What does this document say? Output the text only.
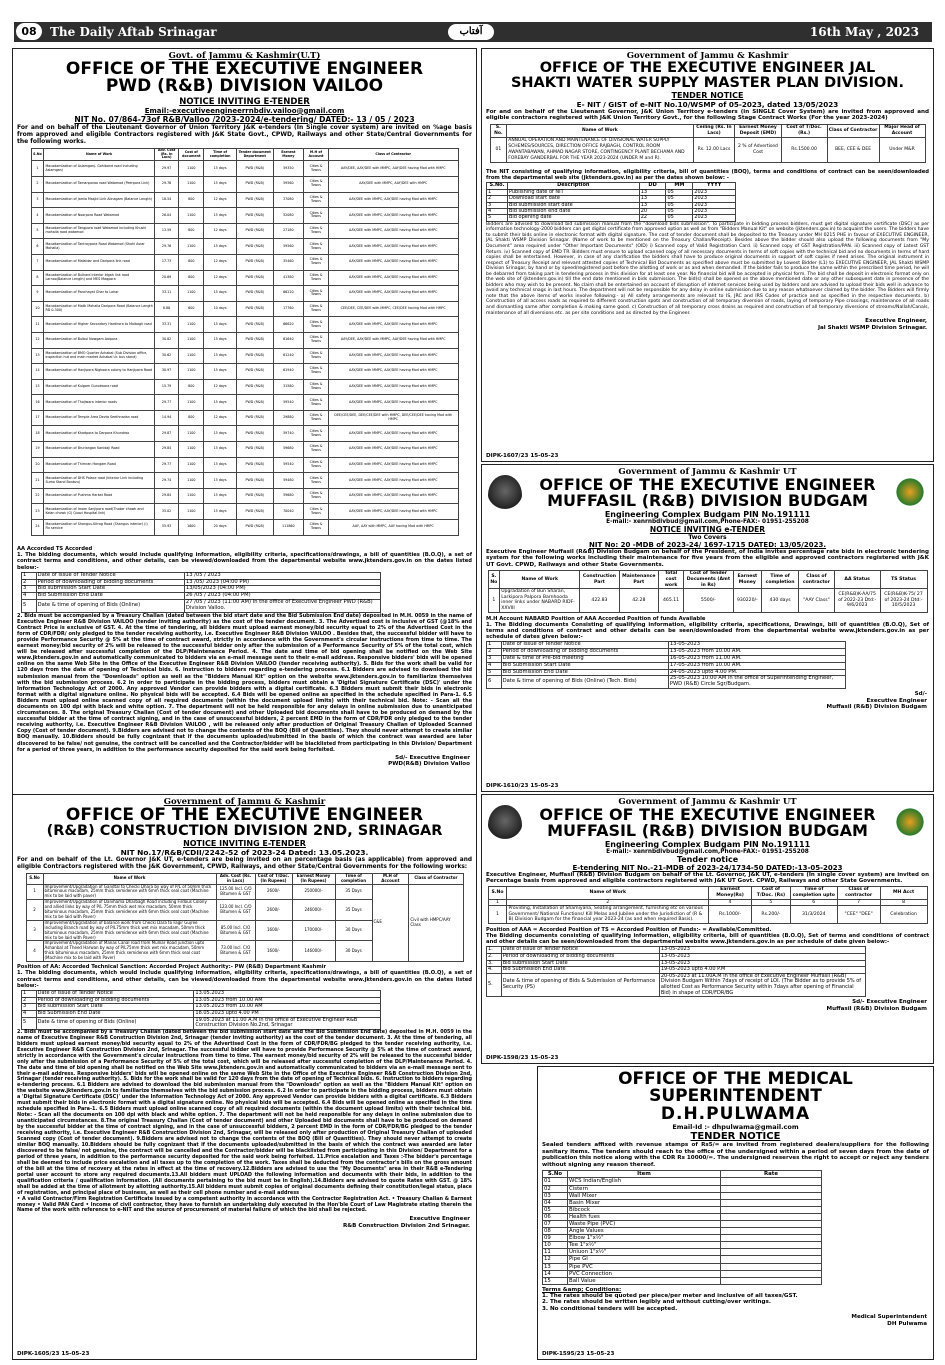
08	The Daily Aftab Srinagar	آفتاب	16th May , 2023
Govt. of Jammu & Kashmir(U.T)
OFFICE OF THE EXECUTIVE ENGINEER
PWD (R&B) DIVISION VAILOO
NOTICE INVITING E-TENDER
Email:-executiveengineerrnbdiv.vailoo@gmail.com
NIT No. 07/864-73of R&B/Valloo /2023-2024/e-tendering/ DATED:- 13 / 05 / 2023
For and on behalf of the Lieutenant Governor of Union Territory J&K e-tenders (In Single cover system) are invited on %age basis from approved and eligible Contractors registered with J&K State Govt., CPWD, Railways and other State/Central Governments for the following works.
S.No	Name of Work	Adv. Cost (Rs. in Lacs)	Cost of document	Time of completion	Tender document Department	Earnest Money	M.H of Account	Class of Contractor
1	Macadamization of Aslamganj- Gohiband road including Aslamganj	29.97	1100	15 days	PWD (R&B)	59350	Cities & Towns	AAY/DEE, AAY/DEE with MMPC, AAY/DEE having Mod with HMPC
2	Macadamization of Tamanporao road Watamod (Peerpora Link)	29.76	1100	15 days	PWD (R&B)	59560	Cities & Towns	AAY/DEE with MMPC, AAY/DEE with HMPC
3	Macadamization of Jamia Masjid Link Alinagam (Balance Length)	18.54	800	12 days	PWD (R&B)	37080	Cities & Towns	AAY/DEE with MMPC, AAY/DEE having Mod with HMPC
4	Macadamization of Noorpora Road Watamod	26.04	1100	15 days	PWD (R&B)	52080	Cities & Towns	AAY/DEE with MMPC, AAY/DEE having Mod with HMPC
5	Macadamization of Tangpora road Watamod including Khushi mohalla road watamod	13.59	800	12 days	PWD (R&B)	27180	Cities & Towns	AAY/DEE with MMPC, AAY/DEE having Mod with HMPC
6	Macadamization of Tantraypora Road Watamod (Shahi Asrar Mohalla)	29.76	1100	15 days	PWD (R&B)	59560	Cities & Towns	AAY/DEE with MMPC, AAY/DEE having Mod with HMPC
7	Macadamization of Malaldar and Daripora link road	17.73	800	12 days	PWD (R&B)	35460	Cities & Towns	AAY/DEE with MMPC, AAY/DEE having Mod with HMPC
8	Macadamization of Bulhard interior Idgah link road Larnoo(Balance Length) and MES Maqpora	20.69	800	12 days	PWD (R&B)	41380	Cities & Towns	AAY/DEE with MMPC, AAY/DEE having Mod with HMPC
9	Macadamization of Panchayat Ghar to Lohar	33.11	1100	15 days	PWD (R&B)	66220	Cities & Towns	AAY/DEE with MMPC, AAY/DEE having Mod with HMPC
10	Macadamization of Malik Mohalla Daripora Road (Balance Length RD 0-300)	8.88	600	10 days	PWD (R&B)	17760	Cities & Towns	CEE/DEE, CEE/DEE with MMPC, CEE/DEE having Mod with HMPC
11	Macadamization of Higher Secondary Hardirora to Malbagh road	33.31	1100	15 days	PWD (R&B)	66620	Cities & Towns	AAY/DEE with MMPC, AAY/DEE having Mod with HMPC
12	Macadamization of Bulbul Nowgam Aalpora	30.82	1100	15 days	PWD (R&B)	61640	Cities & Towns	AAY/DEE, AAY/DEE with MMPC, AAY/DEE having Mod with HMPC
13	Macadamization of BMO Quarter Achabal (Sub Division office, inspection hut and main market Achabal Ur. bus stand)	30.62	1100	15 days	PWD (R&B)	61240	Cities & Towns	AAY/DEE with MMPC, AAY/DEE having Mod with HMPC
14	Macadamization of Hanjipora Nighoora colony to Hanjipora Road	30.97	1100	15 days	PWD (R&B)	61940	Cities & Towns	AAY/DEE with MMPC, AAY/DEE having Mod with HMPC
15	Macadamization of Kulgam Gurudwara road	15.79	800	12 days	PWD (R&B)	31580	Cities & Towns	AAY/DEE with MMPC, AAY/DEE having Mod with HMPC
16	Macadamization of Thajiwara interior roads	29.77	1100	15 days	PWD (R&B)	59540	Cities & Towns	AAY/DEE with MMPC, AAY/DEE having Mod with HMPC
17	Macadamization of Temple Area Devta Seethnadan road	14.94	800	12 days	PWD (R&B)	29880	Cities & Towns	DEE/CEE/DEE, DEE/CEE/DEE with MMPC, DEE/CEE/DEE having Mod with HMPC
18	Macadamization of Khadpora to Darpora Khundroo	29.87	1100	15 days	PWD (R&B)	59740	Cities & Towns	AAY/DEE with MMPC, AAY/DEE having Mod with HMPC
19	Macadamization of Bruriangan Kanidaji Road	29.84	1100	15 days	PWD (R&B)	59680	Cities & Towns	AAY/DEE with MMPC, AAY/DEE having Mod with HMPC
20	Macadamization of Thimran Hangam Road	29.77	1100	15 days	PWD (R&B)	59540	Cities & Towns	AAY/DEE with MMPC, AAY/DEE having Mod with HMPC
21	Macadamization of DHS Palace road (Interior Link including Sumo Stand Bonbzu)	29.74	1100	15 days	PWD (R&B)	59480	Cities & Towns	AAY/DEE with MMPC, AAY/DEE having Mod with HMPC
22	Macadamization of Pushma Harkat Road	29.84	1100	15 days	PWD (R&B)	59680	Cities & Towns	AAY/DEE with MMPC, AAY/DEE having Mod with HMPC
23	Macadamization of Imam Sanjipora road(Thoker chowk and Kelan chowk (G) Quazi Hospital link)	35.02	1100	15 days	PWD (R&B)	70040	Cities & Towns	AAY/DEE with MMPC, AAY/DEE having Mod with HMPC
24	Macadamization of Shangus-Kitrag Road (Shangus interior) (i) Fix service	55.93	1600	20 days	PWD (R&B)	111860	Cities & Towns	AAY, AAY with MMPC, AAY having Mod with HMPC
AA Accorded TS Accorded
1. The bidding documents, which would include qualifying information, eligibility criteria, specifications/drawings, a bill of quantities (B.O.Q), a set of contract terms and conditions, and other details, can be viewed/downloaded from the departmental website www.jktenders.gov.in on the dates listed below:-
1	Date of Issue of Tender Notice	13 /05 / 2023
2	Period of downloading of bidding documents	13 /05/ 2023 (04:00 PM)
3	Bid submission Start Date	13/05/2023 (04:00 PM)
4	Bid Submission End Date	26 /05 / 2023 (04:00 PM)
5	Date & time of opening of Bids (Online)	27 /05 / 2023 (11:00 AM) In the office of Executive Engineer PWD (R&B) Division Valloo.
2. Bids must be accompanied by a Treasury Challan (dated between the bid start date and the Bid Submission End date) deposited in M.H. 0059 in the name of Executive Engineer R&B Division VAILOO (tender inviting authority) as the cost of the tender document. 3. The Advertised cost is inclusive of GST (@18% and Contract Price is exclusive of GST. 4. At the time of tendering, all bidders must upload earnest money/bid security equal to 2% of the Advertised Cost in the form of CDR/FDR/ only pledged to the tender receiving authority, i.e. Executive Engineer R&B Division VAILOO . Besides that, the successful bidder will have to provide Performance Security @ 5% at the time of contract award, strictly in accordance with the Government's circular instructions from time to time. The earnest money/bid security of 2% will be released to the successful bidder only after the submission of a Performance Security of 5% of the total cost, which will be released after successful completion of the DLP/Maintenance Period. 4. The date and time of bid opening shall be notified on the Web Site www.jktenders.gov.in and automatically communicated to bidders via an e-mail message sent to their e-mail address. Responsive bidders' bids will be opened online on the same Web Site in the Office of the Executive Engineer R&B Division VAILOO (tender receiving authority). 5. Bids for the work shall be valid for 120 days from the date of opening of Technical bids. 6. Instruction to bidders regarding e-tendering process. 6.1 Bidders are advised to download the bid submission manual from the "Downloads" option as well as the "Bidders Manual Kit" option on the website www.jktenders.gov.in to familiarize themselves with the bid submission process. 6.2 In order to participate in the bidding process, bidders must obtain a 'Digital Signature Certificate (DSC)' under the Information Technology Act of 2000. Any approved Vendor can provide bidders with a digital certificate. 6.3 Bidders must submit their bids in electronic format with a digital signature online. No physical bids will be accepted. 6.4 Bids will be opened online as specified in the schedule specified in Para-1. 6.5 Bidders must upload online scanned copy of all required documents (within the document upload limits) with their technical bid. Note: - Scan all the documents on 100 dpi with black and white option. 7. The department will not be held responsible for any delays in online submission due to unanticipated circumstances. 8. The original Treasury Challan (Cost of tender document) and other Uploaded bid documents shall have to be produced on demand by the successful bidder at the time of contract signing, and in the case of unsuccessful bidders, 2 percent EMD in the form of CDR/FDR only pledged to the tender receiving authority, i.e. Executive Engineer R&B Division VAILOO , will be released only after production of Original Treasury Challan of Uploaded Scanned Copy (Cost of tender document). 9.Bidders are advised not to change the contents of the BOQ (Bill of Quantities). They should never attempt to create similar BOQ manually. 10.Bidders should be fully cognizant that if the documents uploaded/submitted in the basis of which the contract was awarded are later discovered to be false/ not genuine, the contract will be cancelled and the Contractor/bidder will be blacklisted from participating in this Division/ Department for a period of three years, in addition to the performance security deposited for the said work being forfeited.
Sd/- Executive Engineer
PWD(R&B) Division Valloo
Government of Jammu & Kashmir
OFFICE OF THE EXECUTIVE ENGINEER JAL
SHAKTI WATER SUPPLY MASTER PLAN DIVISION.
TENDER NOTICE
E- NIT / GIST of e-NIT No.10/WSMP of 05-2023, dated 13/05/2023
For and on behalf of the Lieutenant Governor, J&K Union Territory e-tenders (in SINGLE Cover System) are invited from approved and eligible contractors registered with J&K Union Territory Govt., for the following Stage Contract Works (For the year 2023-2024)
S. No.	Name of Work	Ceiling (Rs. In Lacs)	Earnest Money Deposit (EMD)	Cost of T/Doc. (Rs.)	Class of Contractor	Major Head of Account
01	ANNUAL OPERATION AND MAINTENANCE OF DIVISIONAL WATER SUPPLY SCHEMES/SOURCES, DIRECTION OFFICE RAJBAGH, CONTROL ROOM AWANTABAWAN, AHMAD NAGAR STORE, CONTINGENCY PLANT BECHAMA AND FOREBAY GANDERBAL FOR THE YEAR 2023-2024 (UNDER M and R).	Rs. 12.00 Lacs	2 % of Advertised Cost	Rs.1500.00	BEE, CEE & DEE	Under M&R
The NIT consisting of qualifying information, eligibility criteria, bill of quantities (BOQ), terms and conditions of contract can be seen/downloaded from the departmental web site (jktenders.gov.in) as per the dates shown below: -
S.No.	Description	DD	MM	YYYY
1	Publishing date of NIT	13	05	2023
2	Download start date	13	05	2023
3	Bid submission start date	13	05	2023
4	Bid submission end date	20	05	2023
5	Bid opening date	22	05	2023
Bidders are advised to download bid submission manual from the "download bids submission". To participate in bidding process bidders, must get digital signature certificate (DSC) as per information technology-2000 bidders can get digital certificate from approved option as well as from "Bidders Manual Kit" on website (jktenders.gov.in) to acquaint the users. The bidders have to submit their bids online in electronic format with digital signature. The cost of tender document shall be deposited to the Treasury under MH 0215 PHE in favour of EXECUTIVE ENGINEER, JAL Shakti WSMP Division Srinagar. (Name of work to be mentioned on the Treasury Challan/Receipt). Besides above the bidder should also upload the following documents from "My Document" area required under "Other Important Documents" (OID) i) Scanned copy of Valid Registration Card. ii) Scanned copy of GST Registration/PAN. iii) Scanned copy of Latest GST Return. iv) Scanned copy of EMD TR. Bidders must ensure to upload scanned copy of all necessary documents in terms of soft copies with the technical bid and no documents in terms of hard copies shall be entertained. However, in case of any clarification the bidders shall have to produce original documents in support of soft copies if need arises. The original instrument in respect of Treasury Receipt and relevant attested copies of Technical Bid Documents as specified above must be submitted by Lowest Bidder (L1) to EXECUTIVE ENGINEER, JAL Shakti WSMP Division Srinagar, by hand or by speed/registered post before the allotting of work or as and when demanded. If the bidder fails to produce the same within the prescribed time period, he will be debarred from taking part in tendering process in this division for at least one year. No financial bid will be accepted in physical form. The bid shall be deposit in electronic format only on the web site of (jktenders.gov.in) till the end date mentioned in bids submission. The bid(s) shall be opened on the above mentioned date or any other subsequent date in presence of the bidders who may wish to be present. No claim shall be entertained on account of disruption of internet services being used by bidders and are advised to upload their bids well in advance to avoid any technical snags in last hours. The department will not be responsible for any delay in online submission due to any reason whatsoever claimed by the bidder. The Bidders will firmly note that the above items of works involve following:- a) All safety arrangements are relevant to IS, JRC and IRS Codes of practice and as specified in the respective documents. b) Construction of all access roads as required to different construction spots and construction of all temporary diversion of roads, laying of temporary Pipe crossings, maintenance of all roads and dismantling same after completion & making same good. c) Construction of all temporary cross drains as required and construction of all temporary diversions of streams/Nallah/Canals, maintenance of all diversions etc. as per site conditions and as directed by the Engineer.
Executive Engineer,
Jal Shakti WSMP Division Srinagar.
DIPK-1607/23 15-05-23
Government of Jammu & Kashmir UT
OFFICE OF THE EXECUTIVE ENGINEER
MUFFASIL (R&B) DIVISION BUDGAM
Engineering Complex Budgam PIN No.191111
E-mail:- xenrnbdivbud@gmail.com,Phone-FAX:- 01951-255208
NOTICE INVITING e-TENDER
Two Covers
NIT No: 20 -MDB of 2023-24/ 1697-1715 DATED: 13/05/2023.
Executive Engineer Muffasil (R&B) Division Budgam on behalf of the President, of India invites percentage rate bids in electronic tendering system for the following works including their maintenance for five years from the eligible and approved contractors registered with J&K UT Govt. CPWD, Railways and other State Governments.
S. No	Name of Work	Construction Part	Maintenance Part	Total cost work	Cost of Tender Documents (Amt in Rs)	Earnest Money	Time of completion	Class of contractor	AA Status	TS Status
1	Upgradation of Bun Sharan, Larkipora Palpora Barnhooda inner links under NABARD RIDF-XXVIII	422.83	42.28	465.11	5500/-	930220/-	430 days	"AAY Class"	CE(R&B)K-AA/75 of 2022-23 Dtd:- 9/6/2023	CE(R&B)K-75/ 27 of 2023-24 Dtd:- 10/5/2023
M.H Account NABARD Position of AAA Accorded Position of funds Available
1. The Bidding documents Consisting of qualifying information, eligibility criteria, specifications, Drawings, bill of quantities (B.O.Q), Set of terms and conditions of contract and other details can be seen/downloaded from the departmental website www.jktenders.gov.in as per schedule of dates given below:-
1	Date of Issue of Tender Notice	13-05-2023
2	Period of downloading of bidding documents	13-05-2023 from 10.00 AM.
3	Date & time of Pre-bid meeting	16-05-2023 from 11.00 AM.
4	Bid Submission Start Date	17-05-2023 from 10.00 AM.
5	Bid Submission End Date	24-05-2023 upto 4.00 PM.
6	Date & time of opening of Bids (Online) (Tech. Bids)	25-05-2023 10:00 AM in the office of Superintending Engineer, PWD (R&B) Circle Sgr/Budgam.
Sd/-
Executive Engineer
Muffasil (R&B) Division Budgam
DIPK-1610/23 15-05-23
Government of Jammu & Kashmir
OFFICE OF THE EXECUTIVE ENGINEER
(R&B) CONSTRUCTION DIVISION 2ND, SRINAGAR
NOTICE INVITING E-TENDER
NIT No.17/R&B/CDII/2242-52 of 2023-24 Dated: 13.05.2023.
For and on behalf of the Lt. Governor J&K UT, e-tenders are being invited on an percentage basis (as applicable) from approved and eligible Contractors registered with the J&K Government, CPWD, Railways, and other State/Central Governments for the following works:
S.No	Name of Work	Adv. Cost (Rs. in Lacs)	Cost of T/Doc. (In Rupees)	Earnest Money (In Rupees)	Time of completion	M.H of Account	Class of Contractor
1	Improvement/Upgradation of Gandtal to Checki Dhara by way of P/L of 50mm thick bituminous macadam, 25mm thick semidense with 6mm thick seal coat (Machine mix to be laid with paver)	125.00 Incl. C/O Bitumen & GST	2600/-	250000/-	35 Days	C&E	Civil with HMPC/AAY Class
2	Improvement/Upgradation of Danihama Dharbagh Road including Firdous Colony and allied links by way of P/L 75mm thick wet mix macadam, 50mm thick bituminous macadam, 25mm thick semidense with 6mm thick seal coat (Machine mix to be laid with Paver)	123.00 Incl. C/O Bitumen & GST	2600/-	246000/-	35 Days		
3	Improvement/Upgradation of balance work from Checki Dara to Fagir Gujree including Branch road by way of P/L75mm thick wet mix macadam, 50mm thick bituminous macadam, 25mm thick semidense with 6mm thick seal coat (Machine mix to be laid with Paver)	85.00 Incl. C/O Bitumen & GST	1600/-	170000/-	30 Days		
4	Improvement/Upgradation of Manas Canal road from Mulnar Road junction upto Ashanbal at Theed Harwan by way of P/L75mm thick wet mix macadam, 50mm thick bituminous macadam, 25mm thick semidense with 6mm thick seal coat (Machine mix to be laid with Paver)	73.00 Incl. C/O Bitumen & GST	1600/-	146000/-	30 Days		
Position of AA: Accorded Technical Sanction: Accorded Project Authority:- PW (R&B) Department Kashmir
1. The bidding documents, which would include qualifying information, eligibility criteria, specifications/drawings, a bill of quantities (B.O.Q), a set of contract terms and conditions, and other details, can be viewed/downloaded from the departmental website www.jktenders.gov.in on the dates listed below:-
1	Date of Issue of Tender Notice	13.05.2023
2	Period of downloading of bidding documents	13.05.2023 from 10.00 AM
3	Bid submission Start Date	13.05.2023 from 10.00 AM
4	Bid Submission End Date	18.05.2023 upto 4.00 PM
5	Date & time of opening of Bids (Online)	19.05.2023 at 11.00 A.M in the office of Executive Engineer R&B Construction Division No.2nd, Srinagar
2. Bids must be accompanied by a Treasury Challan (dated between the bid submission start date and the Bid Submission End date) deposited in M.H. 0059 in the name of Executive Engineer R&B Construction Division 2nd, Srinagar (tender inviting authority) as the cost of the tender document. 3. At the time of tendering, all bidders must upload earnest money/bid security equal to 2% of the Advertised Cost in the form of CDR/FDR/BG pledged to the tender receiving authority, i.e. Executive Engineer R&B Construction Division 2nd, Srinagar. The successful bidder will have to provide Performance Security @ 5% at the time of contract award, strictly in accordance with the Government's circular instructions from time to time. The earnest money/bid security of 2% will be released to the successful bidder only after the submission of a Performance Security of 5% of the total cost, which will be released after successful completion of the DLP/Maintenance Period. 4. The date and time of bid opening shall be notified on the Web Site www.jktenders.gov.in and automatically communicated to bidders via an e-mail message sent to their e-mail address. Responsive bidders' bids will be opened online on the same Web Site in the Office of the Executive Engineer R&B Construction Division 2nd, Srinagar (tender receiving authority). 5. Bids for the work shall be valid for 120 days from the date of opening of Technical bids. 6. Instruction to bidders regarding e-tendering process. 6.1 Bidders are advised to download the bid submission manual from the "Downloads" option as well as the "Bidders Manual Kit" option on the website www.jktenders.gov.in to familiarize themselves with the bid submission process. 6.2 In order to participate in the bidding process, bidders must obtain a 'Digital Signature Certificate (DSC)' under the Information Technology Act of 2000. Any approved Vendor can provide bidders with a digital certificate. 6.3 Bidders must submit their bids in electronic format with a digital signature online. No physical bids will be accepted. 6.4 Bids will be opened online as specified in the time schedule specified in Para-1. 6.5 Bidders must upload online scanned copy of all required documents (within the document upload limits) with their technical bid. Note: - Scan all the documents on 100 dpi with black and white option. 7. The department will not be held responsible for any delays in online submission due to unanticipated circumstances. 8.The original Treasury Challan (Cost of tender document) and other Uploaded bid documents shall have to be produced on demand by the successful bidder at the time of contract signing, and in the case of unsuccessful bidders, 2 percent EMD in the form of CDR/FDR/BG pledged to the tender receiving authority, i.e. Executive Engineer R&B Construction Division 2nd, Srinagar, will be released only after production of Original Treasury Challan of uploaded Scanned copy (Cost of tender document). 9.Bidders are advised not to change the contents of the BOQ (Bill of Quantities). They should never attempt to create similar BOQ manually. 10.Bidders should be fully cognizant that if the documents uploaded/submitted in the basis of which the contract was awarded are later discovered to be false/ not genuine, the contract will be cancelled and the Contractor/bidder will be blacklisted from participating in this Division/ Department for a period of three years, in addition to the performance security deposited for the said work being forfeited. 11.Price escalation and Taxes :-The bidder's percentage shall be deemed to include price escalation and all taxes up to the completion of the work. Taxes shall be deducted from the contractor's bills on the gross amount of the bill at the time of recovery at the rates in effect at the time of recovery.12.Bidders are advised to use the "My Documents" area in their R&B e-Tendering portal user account to store any required documents.13.All bidders must UPLOAD the following information and documents with their bids, in addition to the qualification criteria / qualification information. (All documents pertaining to the bid must be in English).14.Bidders are advised to quote Rates with GST. @ 18% shall be added at the time of allotment by allotting authority.15.All bidders must submit copies of original documents defining their constitution/legal status, place of registration, and principal place of business, as well as their cell phone number and e-mail address
• A valid Contractor/Firm Registration Certificate issued by a competent authority in accordance with the Contractor Registration Act. • Treasury Challan & Earnest money • Valid PAN Card • Income of civil contractor, they have to furnish an undertaking duly executed in the Hon'ble Court of Law Magistrate stating therein the Name of the work with reference to e-NIT and the source of procurement of material failure of which the bid shall be rejected.
Executive Engineer
R&B Construction Division 2nd Srinagar.
DIPK-1605/23 15-05-23
Government of Jammu & Kashmir UT
OFFICE OF THE EXECUTIVE ENGINEER
MUFFASIL (R&B) DIVISION BUDGAM
Engineering Complex Budgam PIN No.191111
E-mail:- xenrnbdivbud@gmail.com,Phone-FAX:- 01951-255208
Tender notice
E-tendering NIT No.-21-MDB of 2023-24/1734-50 DATED:-13-05-2023
Executive Engineer, Muffasil (R&B) Division Budgam on behalf of the Lt. Governor, J&K UT, e-tenders (In single cover system) are invited on Percentage basis from approved and eligible contractors registered with J&K UT Govt. CPWD, Railways and other State Governments.
S.No	Name of Work	Earnest Money(Rs)	Cost of T/Doc. (Rs)	Time of completion upto	Class of contractor	MH Acct
1	2	4	5	6	7	8
1	Providing, Installation of Shamiyana, Seating arrangement, furnishing etc on various Government/ National Functions/ Kill Melas and Jubilee under the Jurisdiction of (R & B) Division Budgam for the financial year 2023-24 (as and when required Basis).	Rs.1000/-	Rs.200/-	31/3/2024	"CEE" "DEE"	Celebration
Position of AAA = Accorded Position of TS = Accorded Position of Funds:- = Available/Committed.
The Bidding documents consisting of qualifying information, eligibility criteria, bill of quantities (B.O.Q), Set of terms and conditions of contract and other details can be seen/downloaded from the departmental website www.jktenders.gov.in as per schedule of date given below:-
1.	Date of Issue of Tender Notice	13-05-2023
2.	Period of downloading of bidding documents	13-05-2023
3.	Bid submission Start Date	13-05-2023
4.	Bid Submission End Date	19-05-2023 upto 4.00 P.M
5.	Date & time of opening of Bids & Submission of Performance Security (PS)	20-05-2023 at 11.00A.M in the office of Executive Engineer Muffasil (R&B) Division Budgam Within 7days of receipt of LOI. (The Bidder as to provide 5% of allotted Cost as Performance Security within 7days after opening of Financial Bid) in shape of CDR/FDR/BG
Sd/- Executive Engineer
Muffasil (R&B) Division Budgam
DIPK-1598/23 15-05-23
OFFICE OF THE MEDICAL SUPERINTENDENT
D.H.PULWAMA
Email-Id :- dhpulwama@gmail.com
TENDER NOTICE
Sealed tenders affixed with revenue stamps of Rs5/= are invited from registered dealers/suppliers for the following sanitary items. The tenders should reach to the office of the undersigned within a period of seven days from the date of publication this notice along with the CDR Rs 10000/=. The undersigned reserves the right to accept or reject any tenders without signing any reason thereof.
S.No	Item	Rate
01	WCS Indian/English	
02	Cistern	
03	Wall Mixer	
04	Basin Mixer	
05	Bibcock	
06	Health fues	
07	Waste Pipe (PVC)	
08	Angle Values	
09	Elbow 1"x½"	
10	Tee 1"x½"	
11	Uniuon 1"x½"	
12	Pipe GI	
13	Pipe PVC	
14	PVC Connection	
15	Ball Value	
Terms &amp; Conditions:
1. The rates should be quoted per piece/per meter and inclusive of all taxes/GST.
2. The rates should be written legibly and without cutting/over writings.
3. No conditional tenders will be accepted.
Medical Superintendent
DH Pulwama
DIPK-1595/23 15-05-23
